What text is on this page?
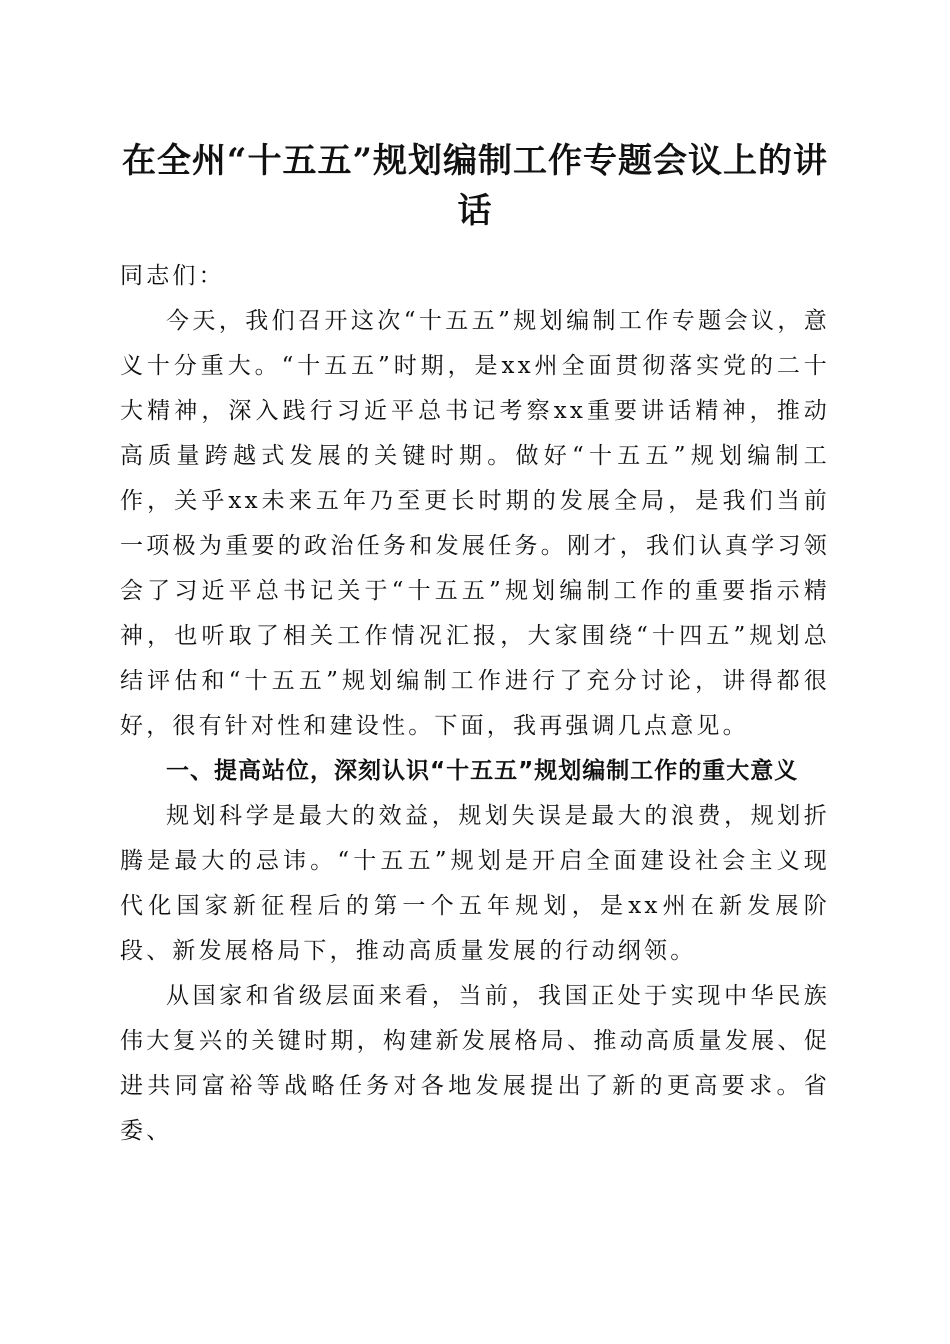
在全州“十五五”规划编制工作专题会议上的讲话

同志们：

今天，我们召开这次“十五五”规划编制工作专题会议，意义十分重大。“十五五”时期，是xx州全面贯彻落实党的二十大精神，深入践行习近平总书记考察xx重要讲话精神，推动高质量跨越式发展的关键时期。做好“十五五”规划编制工作，关乎xx未来五年乃至更长时期的发展全局，是我们当前一项极为重要的政治任务和发展任务。刚才，我们认真学习领会了习近平总书记关于“十五五”规划编制工作的重要指示精神，也听取了相关工作情况汇报，大家围绕“十四五”规划总结评估和“十五五”规划编制工作进行了充分讨论，讲得都很好，很有针对性和建设性。下面，我再强调几点意见。

一、提高站位，深刻认识“十五五”规划编制工作的重大意义

规划科学是最大的效益，规划失误是最大的浪费，规划折腾是最大的忌讳。“十五五”规划是开启全面建设社会主义现代化国家新征程后的第一个五年规划，是xx州在新发展阶段、新发展格局下，推动高质量发展的行动纲领。

从国家和省级层面来看，当前，我国正处于实现中华民族伟大复兴的关键时期，构建新发展格局、推动高质量发展、促进共同富裕等战略任务对各地发展提出了新的更高要求。省委、
